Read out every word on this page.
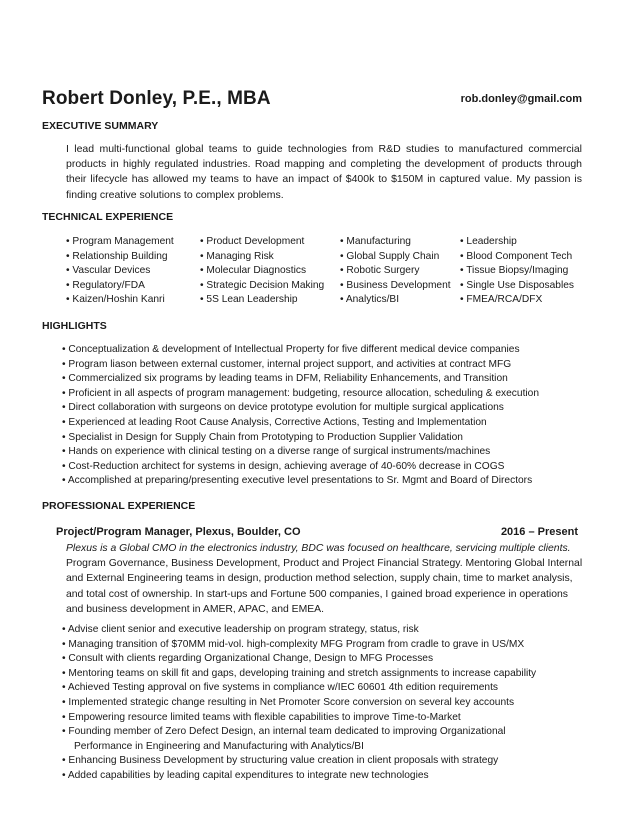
Robert Donley, P.E., MBA	rob.donley@gmail.com
EXECUTIVE SUMMARY
I lead multi-functional global teams to guide technologies from R&D studies to manufactured commercial products in highly regulated industries. Road mapping and completing the development of products through their lifecycle has allowed my teams to have an impact of $400k to $150M in captured value. My passion is finding creative solutions to complex problems.
TECHNICAL EXPERIENCE
• Program Management	• Product Development	• Manufacturing	• Leadership
• Relationship Building	• Managing Risk	• Global Supply Chain	• Blood Component Tech
• Vascular Devices	• Molecular Diagnostics	• Robotic Surgery	• Tissue Biopsy/Imaging
• Regulatory/FDA	• Strategic Decision Making	• Business Development • Single Use Disposables
• Kaizen/Hoshin Kanri	• 5S Lean Leadership	• Analytics/BI	• FMEA/RCA/DFX
HIGHLIGHTS
• Conceptualization & development of Intellectual Property for five different medical device companies
• Program liason between external customer, internal project support, and activities at contract MFG
• Commercialized six programs by leading teams in DFM, Reliability Enhancements, and Transition
• Proficient in all aspects of program management: budgeting, resource allocation, scheduling & execution
• Direct collaboration with surgeons on device prototype evolution for multiple surgical applications
• Experienced at leading Root Cause Analysis, Corrective Actions, Testing and Implementation
• Specialist in Design for Supply Chain from Prototyping to Production Supplier Validation
• Hands on experience with clinical testing on a diverse range of surgical instruments/machines
• Cost-Reduction architect for systems in design, achieving average of 40-60% decrease in COGS
• Accomplished at preparing/presenting executive level presentations to Sr. Mgmt and Board of Directors
PROFESSIONAL EXPERIENCE
Project/Program Manager, Plexus, Boulder, CO	2016 – Present
Plexus is a Global CMO in the electronics industry, BDC was focused on healthcare, servicing multiple clients.
Program Governance, Business Development, Product and Project Financial Strategy. Mentoring Global Internal and External Engineering teams in design, production method selection, supply chain, time to market analysis, and total cost of ownership. In start-ups and Fortune 500 companies, I gained broad experience in operations and business development in AMER, APAC, and EMEA.
• Advise client senior and executive leadership on program strategy, status, risk
• Managing transition of $70MM mid-vol. high-complexity MFG Program from cradle to grave in US/MX
• Consult with clients regarding Organizational Change, Design to MFG Processes
• Mentoring teams on skill fit and gaps, developing training and stretch assignments to increase capability
• Achieved Testing approval on five systems in compliance w/IEC 60601 4th edition requirements
• Implemented strategic change resulting in Net Promoter Score conversion on several key accounts
• Empowering resource limited teams with flexible capabilities to improve Time-to-Market
• Founding member of Zero Defect Design, an internal team dedicated to improving Organizational Performance in Engineering and Manufacturing with Analytics/BI
• Enhancing Business Development by structuring value creation in client proposals with strategy
• Added capabilities by leading capital expenditures to integrate new technologies
